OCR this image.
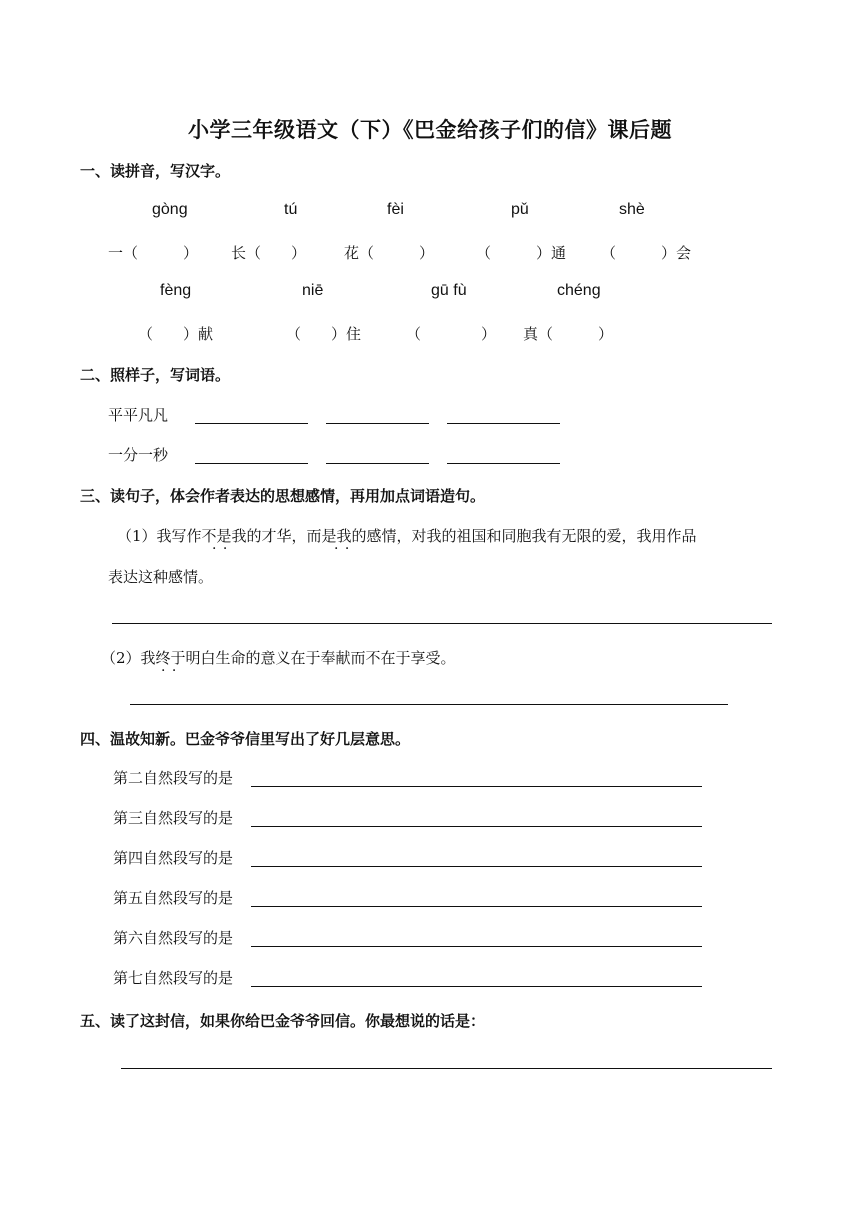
小学三年级语文（下）《巴金给孩子们的信》课后题
一、读拼音，写汉字。
gòng	tú	fèi	pǔ	shè
一（　　　） 长（　　）	花（　　　）	（　　　）通 （　　　）会
fèng	niē	gū fù	chéng
（　　）献	（　　）住	（　　　　） 真（　　　）
二、照样子，写词语。
平平凡凡
一分一秒
三、读句子，体会作者表达的思想感情，再用加点词语造句。
（1）我写作不是我的才华，而是我的感情，对我的祖国和同胞我有无限的爱，我用作品
· ·	· ·
表达这种感情。
（2）我终于明白生命的意义在于奉献而不在于享受。
· ·
四、温故知新。巴金爷爷信里写出了好几层意思。
第二自然段写的是
第三自然段写的是
第四自然段写的是
第五自然段写的是
第六自然段写的是
第七自然段写的是
五、读了这封信，如果你给巴金爷爷回信。你最想说的话是：
